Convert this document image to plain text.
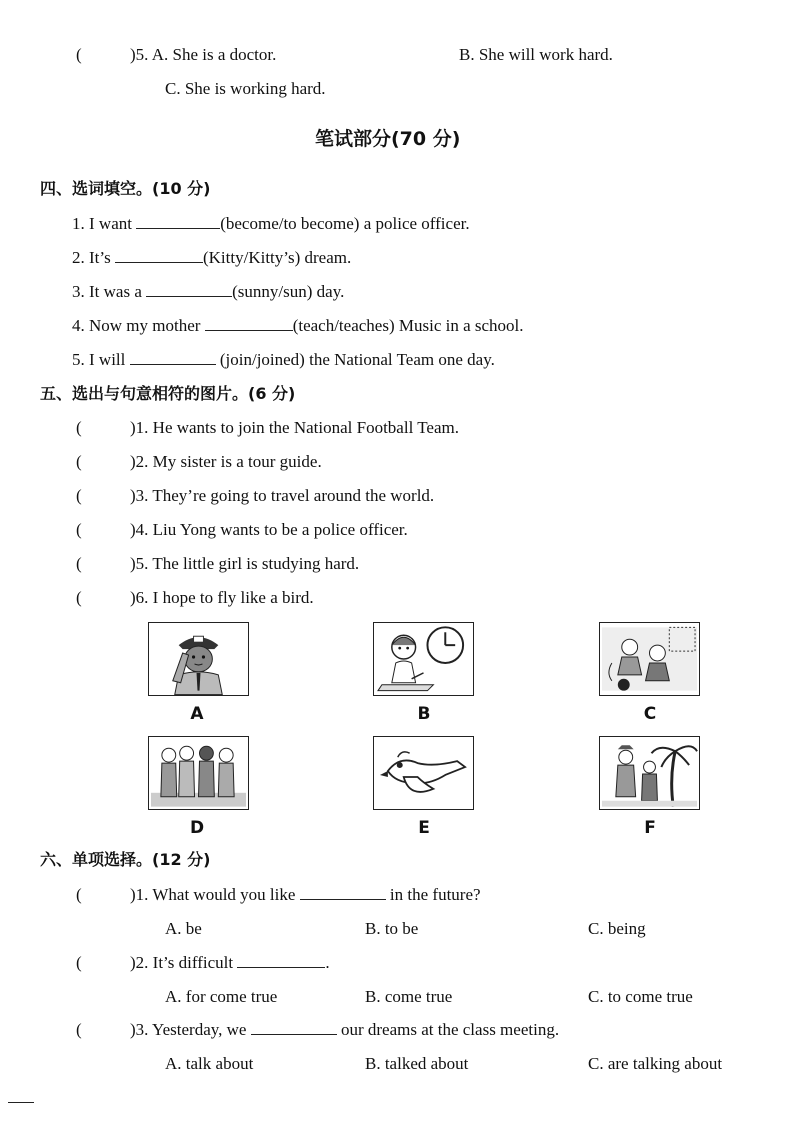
(	)5. A. She is a doctor.	B. She will work hard.
C. She is working hard.
笔试部分(70 分)
四、选词填空。(10 分)
1. I want	(become/to become) a police officer.
2. It’s	(Kitty/Kitty’s) dream.
3. It was a	(sunny/sun) day.
4. Now my mother	(teach/teaches) Music in a school.
5. I will	(join/joined) the National Team one day.
五、选出与句意相符的图片。(6 分)
(	)1. He wants to join the National Football Team.
(	)2. My sister is a tour guide.
(	)3. They’re going to travel around the world.
(	)4. Liu Yong wants to be a police officer.
(	)5. The little girl is studying hard.
(	)6. I hope to fly like a bird.
A	B	C
D	E	F
六、单项选择。(12 分)
(	)1. What would you like	in the future?
A. be	B. to be	C. being
(	)2. It’s difficult	.
A. for come true	B. come true	C. to come true
(	)3. Yesterday, we	our dreams at the class meeting.
A. talk about	B. talked about	C. are talking about
